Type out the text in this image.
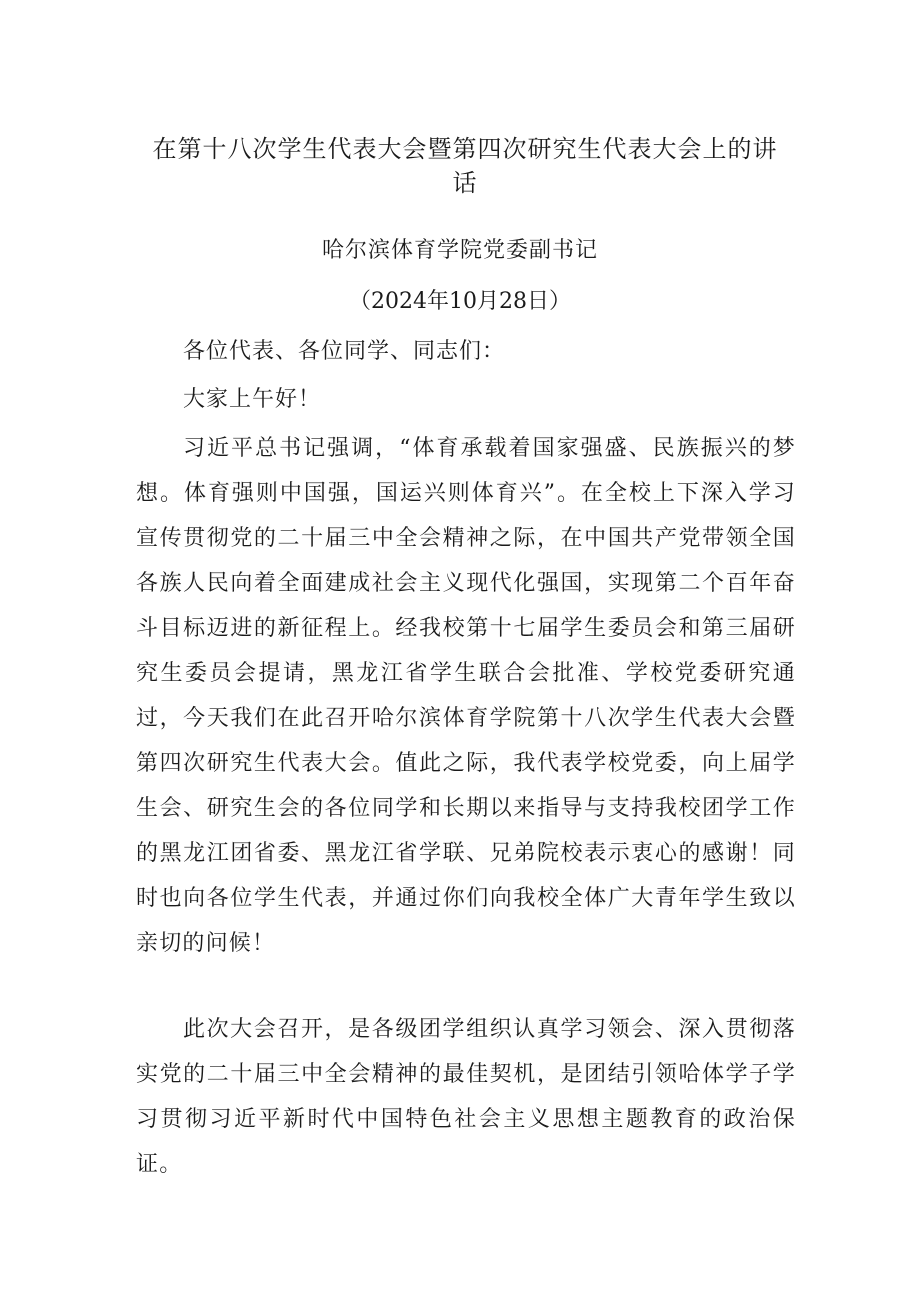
在第十八次学生代表大会暨第四次研究生代表大会上的讲话
哈尔滨体育学院党委副书记
（2024年10月28日）
各位代表、各位同学、同志们：
大家上午好！

习近平总书记强调，“体育承载着国家强盛、民族振兴的梦想。体育强则中国强，国运兴则体育兴”。在全校上下深入学习宣传贯彻党的二十届三中全会精神之际，在中国共产党带领全国各族人民向着全面建成社会主义现代化强国，实现第二个百年奋斗目标迈进的新征程上。经我校第十七届学生委员会和第三届研究生委员会提请，黑龙江省学生联合会批准、学校党委研究通过，今天我们在此召开哈尔滨体育学院第十八次学生代表大会暨第四次研究生代表大会。值此之际，我代表学校党委，向上届学生会、研究生会的各位同学和长期以来指导与支持我校团学工作的黑龙江团省委、黑龙江省学联、兄弟院校表示衷心的感谢！同时也向各位学生代表，并通过你们向我校全体广大青年学生致以亲切的问候！

此次大会召开，是各级团学组织认真学习领会、深入贯彻落实党的二十届三中全会精神的最佳契机，是团结引领哈体学子学习贯彻习近平新时代中国特色社会主义思想主题教育的政治保证。
